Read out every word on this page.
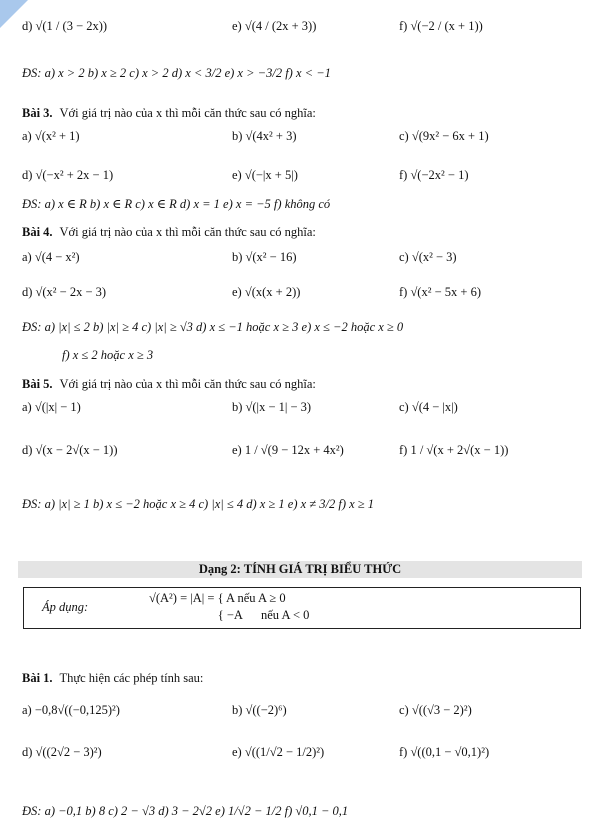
d) √(1 / (3 − 2x))	e) √(4 / (2x + 3))	f) √(−2 / (x + 1))
ĐS: a) x > 2 b) x ≥ 2 c) x > 2 d) x < 3/2 e) x > −3/2 f) x < −1
Bài 3. Với giá trị nào của x thì mỗi căn thức sau có nghĩa:
a) √(x² + 1)	b) √(4x² + 3)	c) √(9x² − 6x + 1)
d) √(−x² + 2x − 1)	e) √(−|x + 5|)	f) √(−2x² − 1)
ĐS: a) x ∈ R b) x ∈ R c) x ∈ R d) x = 1 e) x = −5 f) không có
Bài 4. Với giá trị nào của x thì mỗi căn thức sau có nghĩa:
a) √(4 − x²)	b) √(x² − 16)	c) √(x² − 3)
d) √(x² − 2x − 3)	e) √(x(x + 2))	f) √(x² − 5x + 6)
ĐS: a) |x| ≤ 2 b) |x| ≥ 4 c) |x| ≥ √3 d) x ≤ −1 hoặc x ≥ 3 e) x ≤ −2 hoặc x ≥ 0
f) x ≤ 2 hoặc x ≥ 3
Bài 5. Với giá trị nào của x thì mỗi căn thức sau có nghĩa:
a) √(|x| − 1)	b) √(|x − 1| − 3)	c) √(4 − |x|)
d) √(x − 2√(x − 1))	e) 1 / √(9 − 12x + 4x²)	f) 1 / √(x + 2√(x − 1))
ĐS: a) |x| ≥ 1 b) x ≤ −2 hoặc x ≥ 4 c) |x| ≤ 4 d) x ≥ 1 e) x ≠ 3/2 f) x ≥ 1
Dạng 2: TÍNH GIÁ TRỊ BIỂU THỨC
Áp dụng:
√(A²) = |A| = { A nếu A ≥ 0
{ −A      nếu A < 0
Bài 1. Thực hiện các phép tính sau:
a) −0,8√((−0,125)²)	b) √((−2)⁶)	c) √((√3 − 2)²)
d) √((2√2 − 3)²)	e) √((1/√2 − 1/2)²)	f) √((0,1 − √0,1)²)
ĐS: a) −0,1 b) 8 c) 2 − √3 d) 3 − 2√2 e) 1/√2 − 1/2 f) √0,1 − 0,1
